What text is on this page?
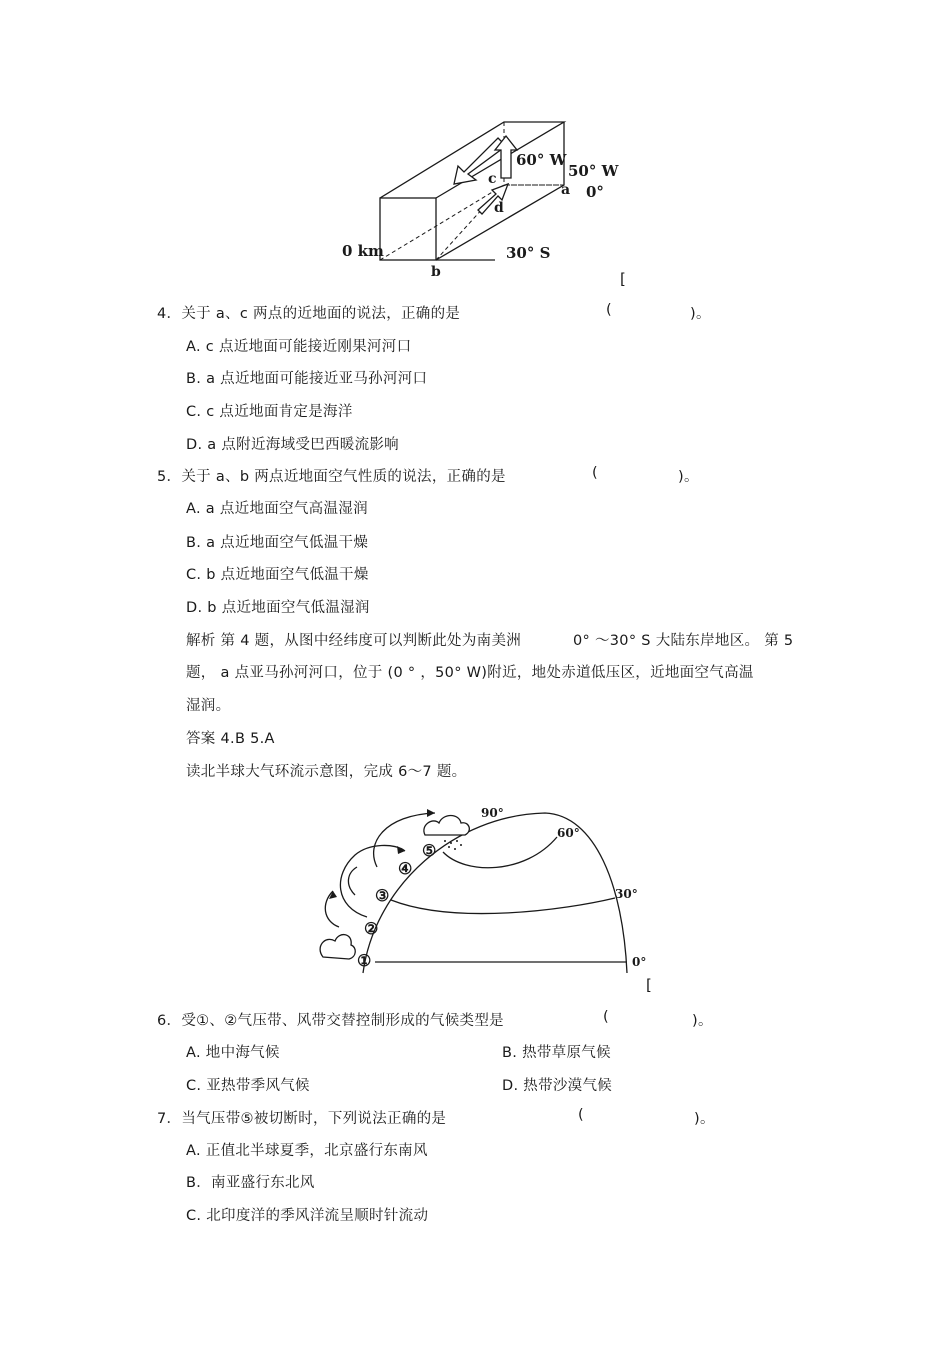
60° W
50° W
c
a 0°
d
0 km
b
30° S
[
4．关于 a、c 两点的近地面的说法，正确的是	(	)。
A. c 点近地面可能接近刚果河河口
B. a 点近地面可能接近亚马孙河河口
C. c 点近地面肯定是海洋
D. a 点附近海域受巴西暖流影响
5．关于 a、b 两点近地面空气性质的说法，正确的是	(	)。
A. a 点近地面空气高温湿润
B. a 点近地面空气低温干燥
C. b 点近地面空气低温干燥
D. b 点近地面空气低温湿润
解析 第 4 题，从图中经纬度可以判断此处为南美洲	0° ～30° S 大陆东岸地区。 第 5
题， a 点亚马孙河河口，位于 (0 ° ，50° W)附近，地处赤道低压区，近地面空气高温
湿润。
答案 4.B 5.A
读北半球大气环流示意图，完成 6～7 题。
①
②
③
④
⑤
90°
60°
30°
0°
[
6．受①、②气压带、风带交替控制形成的气候类型是	(	)。
A. 地中海气候	B. 热带草原气候
C. 亚热带季风气候	D. 热带沙漠气候
7．当气压带⑤被切断时，下列说法正确的是	(	)。
A. 正值北半球夏季，北京盛行东南风
B．南亚盛行东北风
C. 北印度洋的季风洋流呈顺时针流动
